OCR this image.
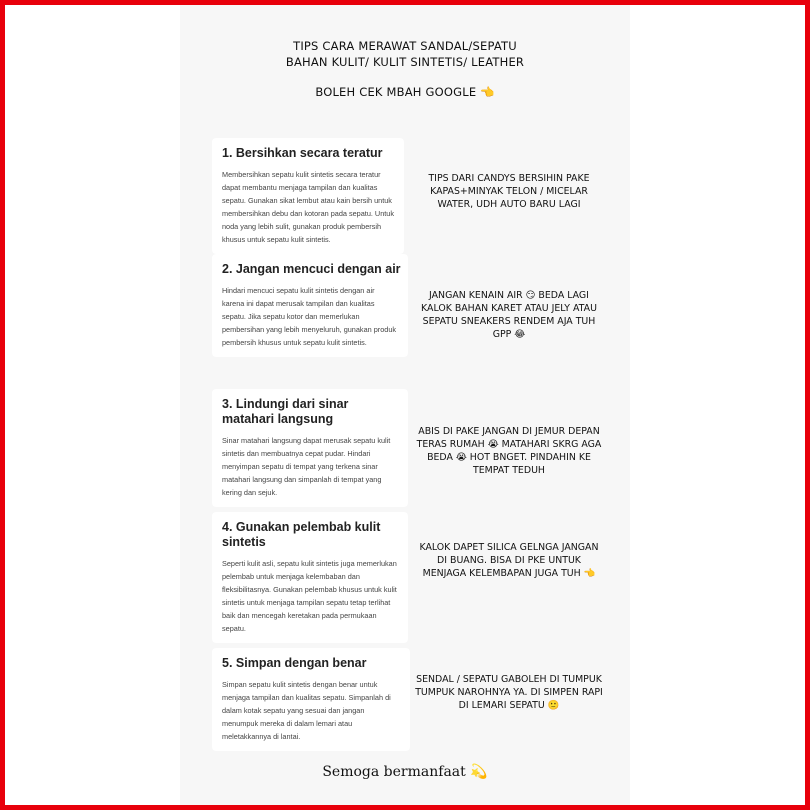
TIPS CARA MERAWAT SANDAL/SEPATU
BAHAN KULIT/ KULIT SINTETIS/ LEATHER
BOLEH CEK MBAH GOOGLE 👈
1. Bersihkan secara teratur

Membersihkan sepatu kulit sintetis secara teratur dapat membantu menjaga tampilan dan kualitas sepatu. Gunakan sikat lembut atau kain bersih untuk membersihkan debu dan kotoran pada sepatu. Untuk noda yang lebih sulit, gunakan produk pembersih khusus untuk sepatu kulit sintetis.

TIPS DARI CANDYS BERSIHIN PAKE KAPAS+MINYAK TELON / MICELAR WATER, UDH AUTO BARU LAGI
2. Jangan mencuci dengan air

Hindari mencuci sepatu kulit sintetis dengan air karena ini dapat merusak tampilan dan kualitas sepatu. Jika sepatu kotor dan memerlukan pembersihan yang lebih menyeluruh, gunakan produk pembersih khusus untuk sepatu kulit sintetis.

JANGAN KENAIN AIR 😏 BEDA LAGI KALOK BAHAN KARET ATAU JELY ATAU SEPATU SNEAKERS RENDEM AJA TUH GPP 😂
3. Lindungi dari sinar matahari langsung

Sinar matahari langsung dapat merusak sepatu kulit sintetis dan membuatnya cepat pudar. Hindari menyimpan sepatu di tempat yang terkena sinar matahari langsung dan simpanlah di tempat yang kering dan sejuk.

ABIS DI PAKE JANGAN DI JEMUR DEPAN TERAS RUMAH 😭 MATAHARI SKRG AGA BEDA 😭 HOT BNGET. PINDAHIN KE TEMPAT TEDUH
4. Gunakan pelembab kulit sintetis

Seperti kulit asli, sepatu kulit sintetis juga memerlukan pelembab untuk menjaga kelembaban dan fleksibilitasnya. Gunakan pelembab khusus untuk kulit sintetis untuk menjaga tampilan sepatu tetap terlihat baik dan mencegah keretakan pada permukaan sepatu.

KALOK DAPET SILICA GELNGA JANGAN DI BUANG. BISA DI PKE UNTUK MENJAGA KELEMBAPAN JUGA TUH 👈
5. Simpan dengan benar

Simpan sepatu kulit sintetis dengan benar untuk menjaga tampilan dan kualitas sepatu. Simpanlah di dalam kotak sepatu yang sesuai dan jangan menumpuk mereka di dalam lemari atau meletakkannya di lantai.

SENDAL / SEPATU GABOLEH DI TUMPUK TUMPUK NAROHNYA YA. DI SIMPEN RAPI DI LEMARI SEPATU 🙂
Semoga bermanfaat 💫
